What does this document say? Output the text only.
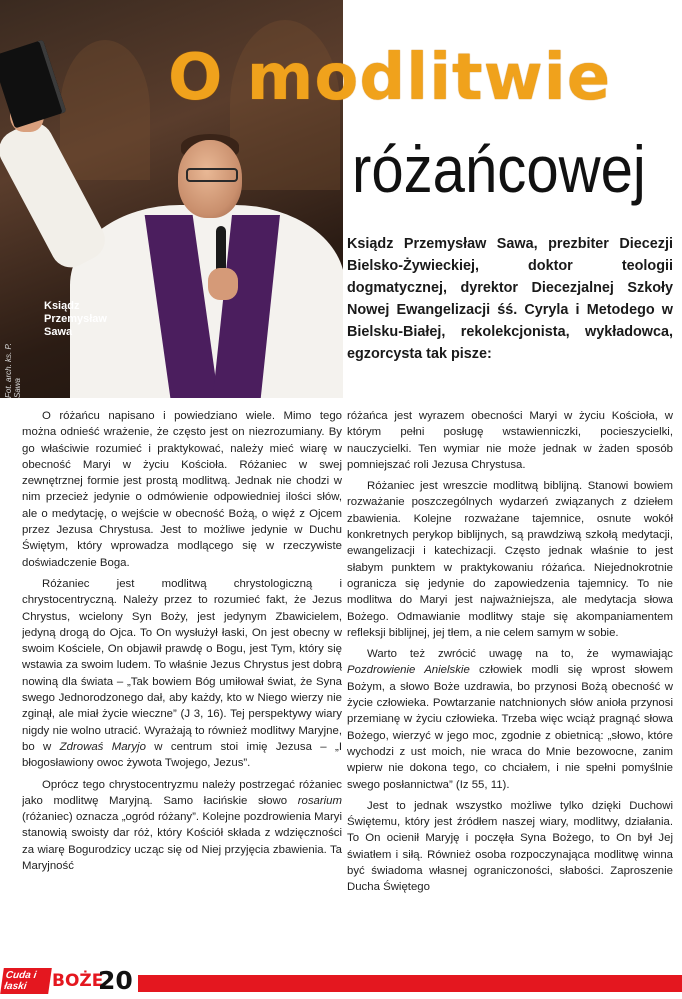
Ksiądz Przemysław Sawa
Fot. arch. ks. P. Sawa
O modlitwie
różańcowej
Ksiądz Przemysław Sawa, prezbiter Diecezji Bielsko-Żywieckiej, doktor teologii dogmatycznej, dyrektor Diecezjalnej Szkoły Nowej Ewangelizacji śś. Cyryla i Metodego w Bielsku-Białej, rekolekcjonista, wykładowca, egzorcysta tak pisze:

O różańcu napisano i powiedziano wiele. Mimo tego można odnieść wrażenie, że często jest on niezrozumiany. By go właściwie rozumieć i praktykować, należy mieć wiarę w obecność Maryi w życiu Kościoła. Różaniec w swej zewnętrznej formie jest prostą modlitwą. Jednak nie chodzi w nim przecież jedynie o odmówienie odpowiedniej ilości słów, ale o medytację, o wejście w obecność Bożą, o więź z Ojcem przez Jezusa Chrystusa. Jest to możliwe jedynie w Duchu Świętym, który wprowadza modlącego się w rzeczywiste doświadczenie Boga.

Różaniec jest modlitwą chrystologiczną i chrystocentryczną. Należy przez to rozumieć fakt, że Jezus Chrystus, wcielony Syn Boży, jest jedynym Zbawicielem, jedyną drogą do Ojca. To On wysłużył łaski, On jest obecny w swoim Kościele, On objawił prawdę o Bogu, jest Tym, który się wstawia za swoim ludem. To właśnie Jezus Chrystus jest dobrą nowiną dla świata – „Tak bowiem Bóg umiłował świat, że Syna swego Jednorodzonego dał, aby każdy, kto w Niego wierzy nie zginął, ale miał życie wieczne” (J 3, 16). Tej perspektywy wiary nigdy nie wolno utracić. Wyrażają to również modlitwy Maryjne, bo w Zdrowaś Maryjo w centrum stoi imię Jezusa – „I błogosławiony owoc żywota Twojego, Jezus”.

Oprócz tego chrystocentryzmu należy postrzegać różaniec jako modlitwę Maryjną. Samo łacińskie słowo rosarium (różaniec) oznacza „ogród różany”. Kolejne pozdrowienia Maryi stanowią swoisty dar róż, który Kościół składa z wdzięczności za wiarę Bogurodzicy ucząc się od Niej przyjęcia zbawienia. Ta Maryjność

różańca jest wyrazem obecności Maryi w życiu Kościoła, w którym pełni posługę wstawienniczki, pocieszycielki, nauczycielki. Ten wymiar nie może jednak w żaden sposób pomniejszać roli Jezusa Chrystusa.

Różaniec jest wreszcie modlitwą biblijną. Stanowi bowiem rozważanie poszczególnych wydarzeń związanych z dziełem zbawienia. Kolejne rozważane tajemnice, osnute wokół konkretnych perykop biblijnych, są prawdziwą szkołą medytacji, ewangelizacji i katechizacji. Często jednak właśnie to jest słabym punktem w praktykowaniu różańca. Niejednokrotnie ogranicza się jedynie do zapowiedzenia tajemnicy. To nie modlitwa do Maryi jest najważniejsza, ale medytacja słowa Bożego. Odmawianie modlitwy staje się akompaniamentem refleksji biblijnej, jej tłem, a nie celem samym w sobie.

Warto też zwrócić uwagę na to, że wymawiając Pozdrowienie Anielskie człowiek modli się wprost słowem Bożym, a słowo Boże uzdrawia, bo przynosi Bożą obecność w życie człowieka. Powtarzanie natchnionych słów anioła przynosi przemianę w życiu człowieka. Trzeba więc wciąż pragnąć słowa Bożego, wierzyć w jego moc, zgodnie z obietnicą: „słowo, które wychodzi z ust moich, nie wraca do Mnie bezowocne, zanim wpierw nie dokona tego, co chciałem, i nie spełni pomyślnie swego posłannictwa” (Iz 55, 11).

Jest to jednak wszystko możliwe tylko dzięki Duchowi Świętemu, który jest źródłem naszej wiary, modlitwy, działania. To On ocienił Maryję i poczęła Syna Bożego, to On był Jej światłem i siłą. Również osoba rozpoczynająca modlitwę winna być świadoma własnej ograniczoności, słabości. Zaproszenie Ducha Świętego

Cuda i łaski	BOŻE
20
